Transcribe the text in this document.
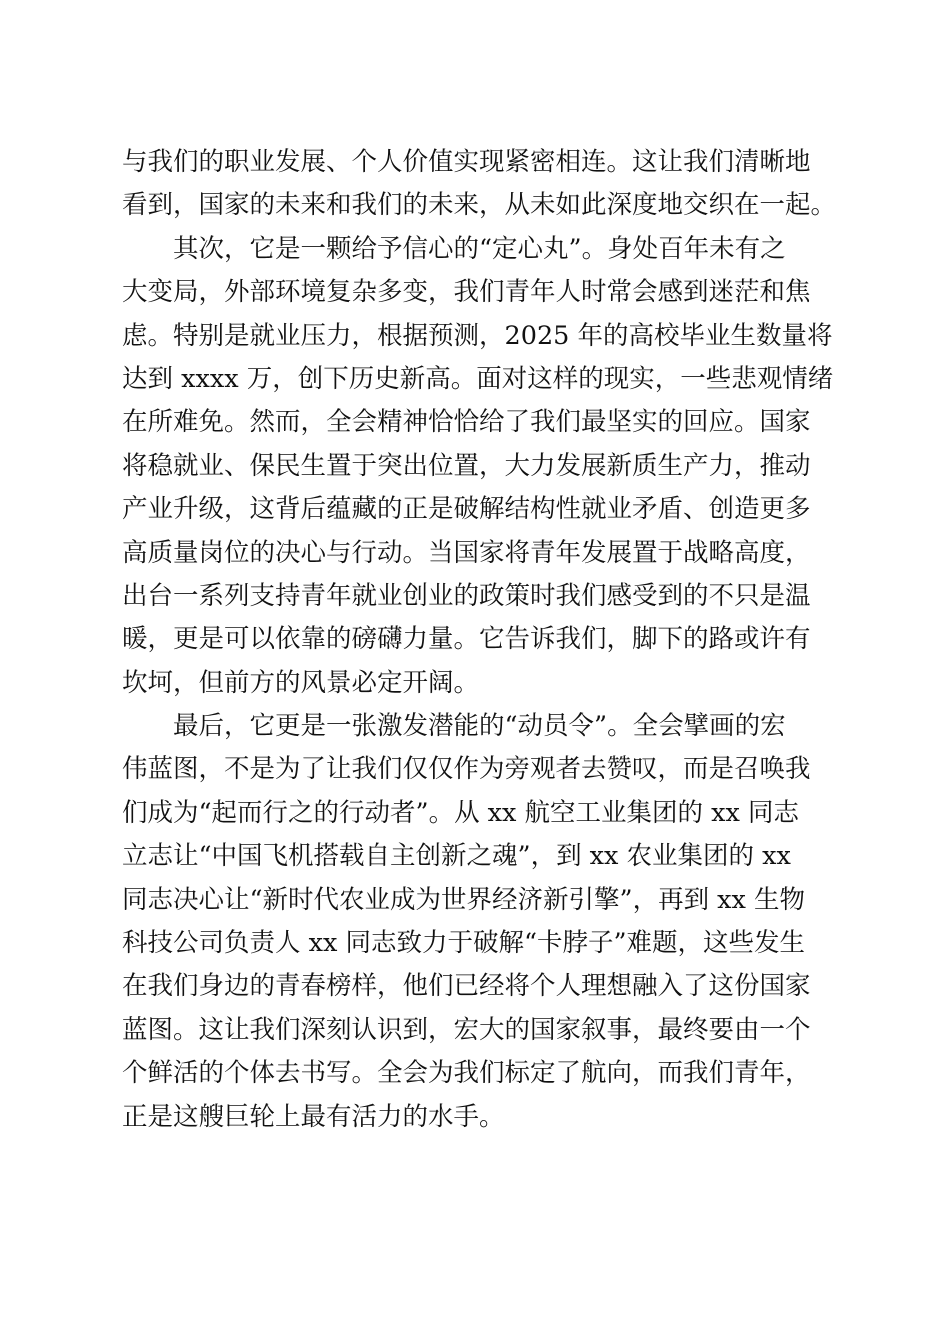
与我们的职业发展、个人价值实现紧密相连。这让我们清晰地
看到，国家的未来和我们的未来，从未如此深度地交织在一起。
其次，它是一颗给予信心的“定心丸”。身处百年未有之
大变局，外部环境复杂多变，我们青年人时常会感到迷茫和焦
虑。特别是就业压力，根据预测，2025 年的高校毕业生数量将
达到 xxxx 万，创下历史新高。面对这样的现实，一些悲观情绪
在所难免。然而，全会精神恰恰给了我们最坚实的回应。国家
将稳就业、保民生置于突出位置，大力发展新质生产力，推动
产业升级，这背后蕴藏的正是破解结构性就业矛盾、创造更多
高质量岗位的决心与行动。当国家将青年发展置于战略高度，
出台一系列支持青年就业创业的政策时我们感受到的不只是温
暖，更是可以依靠的磅礴力量。它告诉我们，脚下的路或许有
坎坷，但前方的风景必定开阔。
最后，它更是一张激发潜能的“动员令”。全会擘画的宏
伟蓝图，不是为了让我们仅仅作为旁观者去赞叹，而是召唤我
们成为“起而行之的行动者”。从 xx 航空工业集团的 xx 同志
立志让“中国飞机搭载自主创新之魂”，到 xx 农业集团的 xx
同志决心让“新时代农业成为世界经济新引擎”，再到 xx 生物
科技公司负责人 xx 同志致力于破解“卡脖子”难题，这些发生
在我们身边的青春榜样，他们已经将个人理想融入了这份国家
蓝图。这让我们深刻认识到，宏大的国家叙事，最终要由一个
个鲜活的个体去书写。全会为我们标定了航向，而我们青年，
正是这艘巨轮上最有活力的水手。
